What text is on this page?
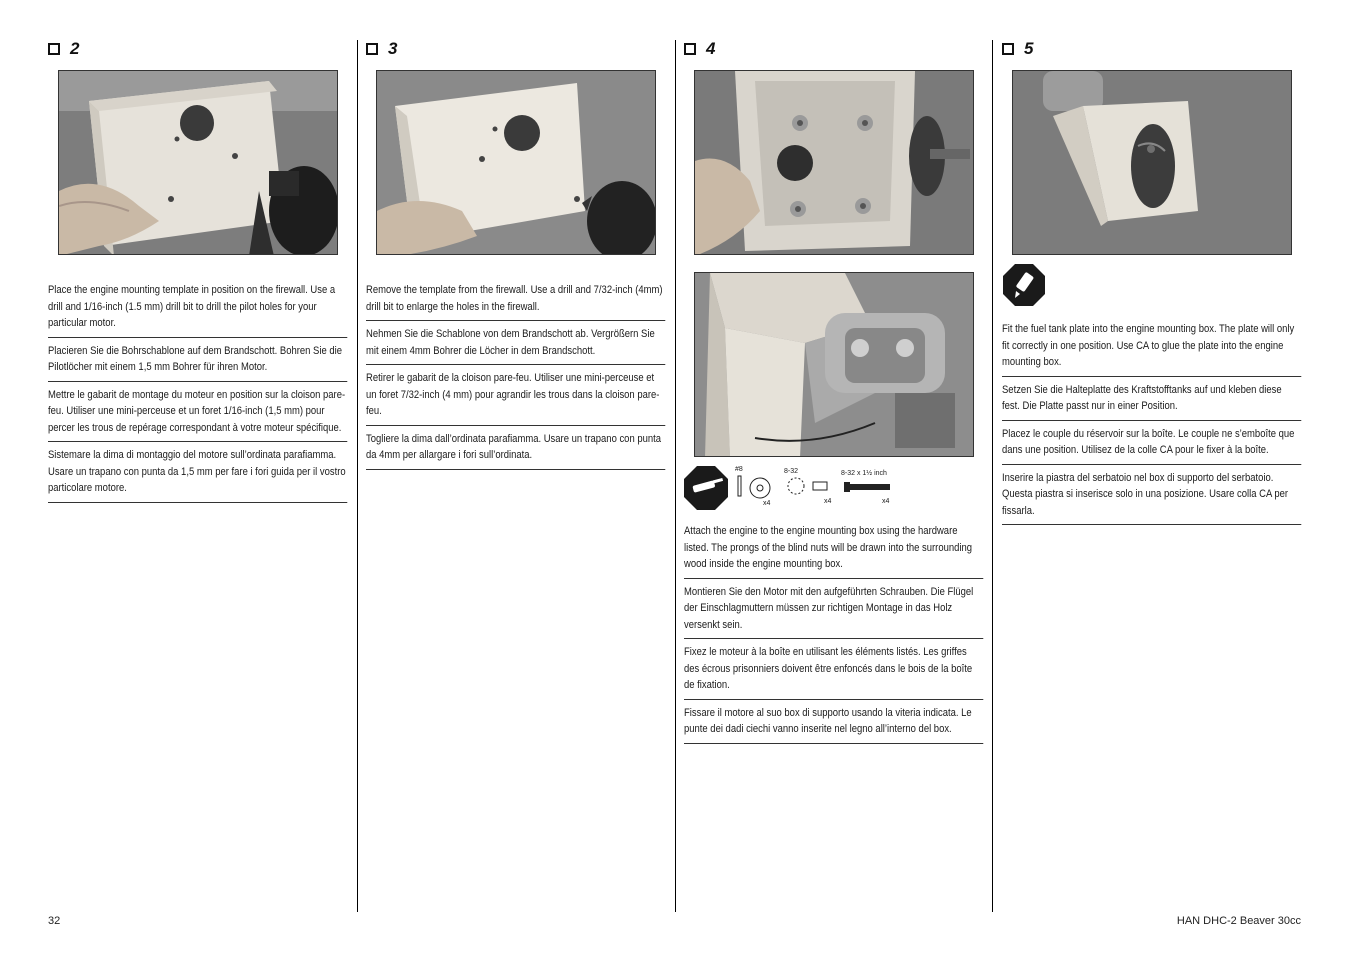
2

Place the engine mounting template in position on the firewall. Use a drill and 1/16-inch (1.5 mm) drill bit to drill the pilot holes for your particular motor.

Placieren Sie die Bohrschablone auf dem Brandschott. Bohren Sie die Pilotlöcher mit einem 1,5 mm Bohrer für ihren Motor.

Mettre le gabarit de montage du moteur en position sur la cloison pare-feu. Utiliser une mini-perceuse et un foret 1/16-inch (1,5 mm) pour percer les trous de repérage correspondant à votre moteur spécifique.

Sistemare la dima di montaggio del motore sull’ordinata parafiamma. Usare un trapano con punta da 1,5 mm per fare i fori guida per il vostro particolare motore.

3

Remove the template from the firewall. Use a drill and 7/32-inch (4mm) drill bit to enlarge the holes in the firewall.

Nehmen Sie die Schablone von dem Brandschott ab. Vergrößern Sie mit einem 4mm Bohrer die Löcher in dem Brandschott.

Retirer le gabarit de la cloison pare-feu. Utiliser une mini-perceuse et un foret 7/32-inch (4 mm) pour agrandir les trous dans la cloison pare-feu.

Togliere la dima dall’ordinata parafiamma. Usare un trapano con punta da 4mm per allargare i fori sull’ordinata.

4
#8
x4
8-32
x4
8-32 x 1½ inch
x4

Attach the engine to the engine mounting box using the hardware listed. The prongs of the blind nuts will be drawn into the surrounding wood inside the engine mounting box.

Montieren Sie den Motor mit den aufgeführten Schrauben. Die Flügel der Einschlagmuttern müssen zur richtigen Montage in das Holz versenkt sein.

Fixez le moteur à la boîte en utilisant les éléments listés. Les griffes des écrous prisonniers doivent être enfoncés dans le bois de la boîte de fixation.

Fissare il motore al suo box di supporto usando la viteria indicata. Le punte dei dadi ciechi vanno inserite nel legno all’interno del box.

5

Fit the fuel tank plate into the engine mounting box. The plate will only fit correctly in one position. Use CA to glue the plate into the engine mounting box.

Setzen Sie die Halteplatte des Kraftstofftanks auf und kleben diese fest. Die Platte passt nur in einer Position.

Placez le couple du réservoir sur la boîte. Le couple ne s’emboîte que dans une position. Utilisez de la colle CA pour le fixer à la boîte.

Inserire la piastra del serbatoio nel box di supporto del serbatoio. Questa piastra si inserisce solo in una posizione. Usare colla CA per fissarla.

32	HAN DHC-2 Beaver 30cc
